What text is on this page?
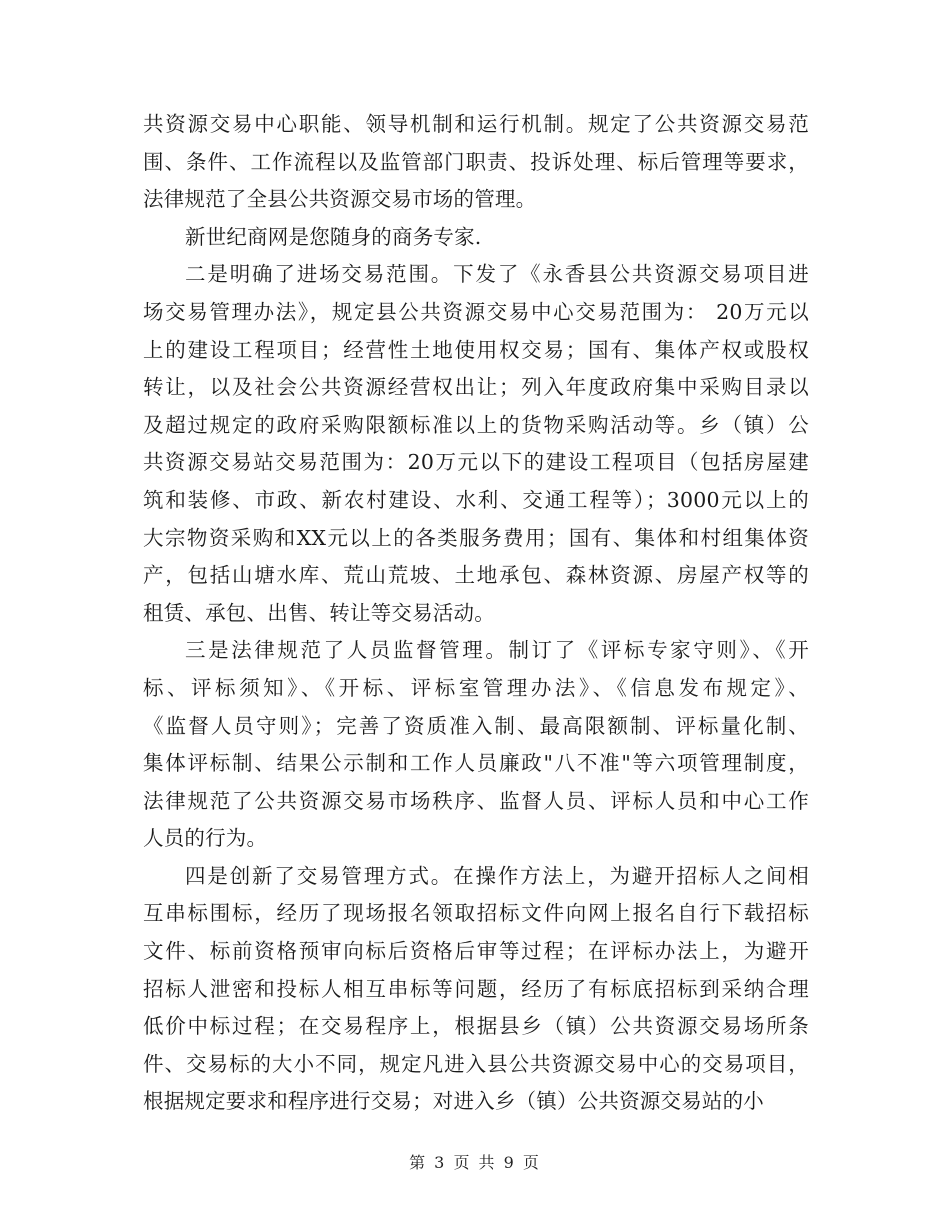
共资源交易中心职能、领导机制和运行机制。规定了公共资源交易范
围、条件、工作流程以及监管部门职责、投诉处理、标后管理等要求，
法律规范了全县公共资源交易市场的管理。
新世纪商网是您随身的商务专家.
二是明确了进场交易范围。下发了《永香县公共资源交易项目进
场交易管理办法》，规定县公共资源交易中心交易范围为： 20万元以
上的建设工程项目；经营性土地使用权交易；国有、集体产权或股权
转让，以及社会公共资源经营权出让；列入年度政府集中采购目录以
及超过规定的政府采购限额标准以上的货物采购活动等。乡（镇）公
共资源交易站交易范围为：20万元以下的建设工程项目（包括房屋建
筑和装修、市政、新农村建设、水利、交通工程等）；3000元以上的
大宗物资采购和XX元以上的各类服务费用；国有、集体和村组集体资
产，包括山塘水库、荒山荒坡、土地承包、森林资源、房屋产权等的
租赁、承包、出售、转让等交易活动。
三是法律规范了人员监督管理。制订了《评标专家守则》、《开
标、评标须知》、《开标、评标室管理办法》、《信息发布规定》、
《监督人员守则》；完善了资质准入制、最高限额制、评标量化制、
集体评标制、结果公示制和工作人员廉政"八不准"等六项管理制度，
法律规范了公共资源交易市场秩序、监督人员、评标人员和中心工作
人员的行为。
四是创新了交易管理方式。在操作方法上，为避开招标人之间相
互串标围标，经历了现场报名领取招标文件向网上报名自行下载招标
文件、标前资格预审向标后资格后审等过程；在评标办法上，为避开
招标人泄密和投标人相互串标等问题，经历了有标底招标到采纳合理
低价中标过程；在交易程序上，根据县乡（镇）公共资源交易场所条
件、交易标的大小不同，规定凡进入县公共资源交易中心的交易项目，
根据规定要求和程序进行交易；对进入乡（镇）公共资源交易站的小
第 3 页 共 9 页
